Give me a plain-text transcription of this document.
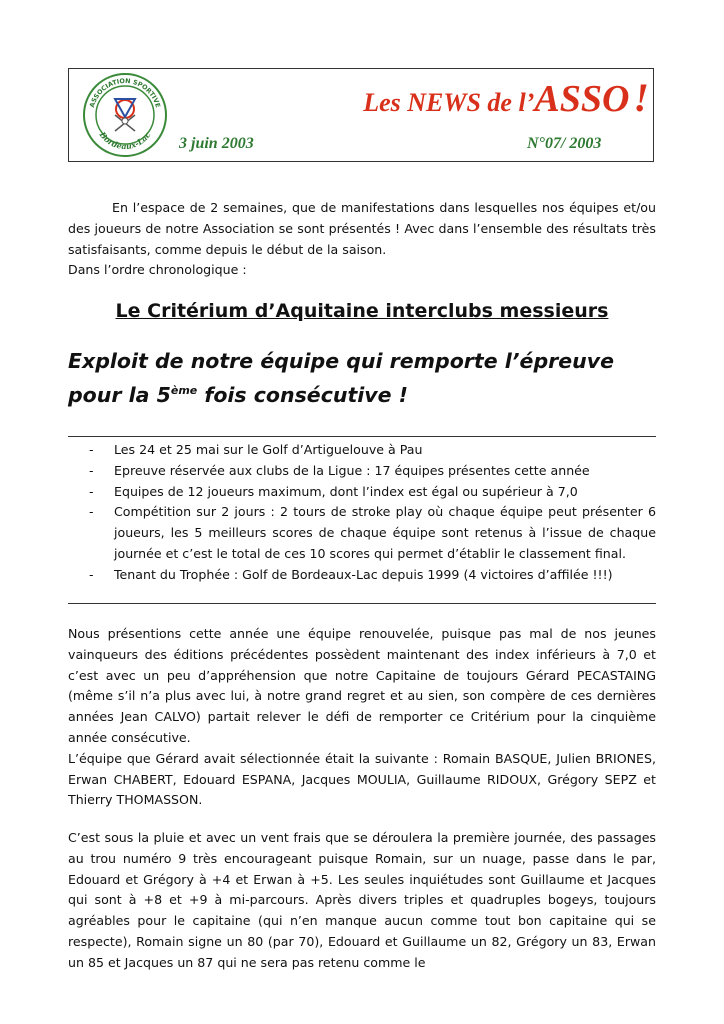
ASSOCIATION SPORTIVE
Bordeaux-Lac
Les NEWS de l’ASSO !
3 juin 2003	N°07/ 2003

En l’espace de 2 semaines, que de manifestations dans lesquelles nos équipes et/ou des joueurs de notre Association se sont présentés ! Avec dans l’ensemble des résultats très satisfaisants, comme depuis le début de la saison.
Dans l’ordre chronologique :

Le Critérium d’Aquitaine interclubs messieurs
Exploit de notre équipe qui remporte l’épreuve pour la 5ème fois consécutive !
- Les 24 et 25 mai sur le Golf d’Artiguelouve à Pau
- Epreuve réservée aux clubs de la Ligue : 17 équipes présentes cette année
- Equipes de 12 joueurs maximum, dont l’index est égal ou supérieur à 7,0
- Compétition sur 2 jours : 2 tours de stroke play où chaque équipe peut présenter 6 joueurs, les 5 meilleurs scores de chaque équipe sont retenus à l’issue de chaque journée et c’est le total de ces 10 scores qui permet d’établir le classement final.
- Tenant du Trophée : Golf de Bordeaux-Lac depuis 1999 (4 victoires d’affilée !!!)

Nous présentions cette année une équipe renouvelée, puisque pas mal de nos jeunes vainqueurs des éditions précédentes possèdent maintenant des index inférieurs à 7,0 et c’est avec un peu d’appréhension que notre Capitaine de toujours Gérard PECASTAING (même s’il n’a plus avec lui, à notre grand regret et au sien, son compère de ces dernières années Jean CALVO) partait relever le défi de remporter ce Critérium pour la cinquième année consécutive.
L’équipe que Gérard avait sélectionnée était la suivante : Romain BASQUE, Julien BRIONES, Erwan CHABERT, Edouard ESPANA, Jacques MOULIA, Guillaume RIDOUX, Grégory SEPZ et Thierry THOMASSON.

C’est sous la pluie et avec un vent frais que se déroulera la première journée, des passages au trou numéro 9 très encourageant puisque Romain, sur un nuage, passe dans le par, Edouard et Grégory à +4 et Erwan à +5. Les seules inquiétudes sont Guillaume et Jacques qui sont à +8 et +9 à mi-parcours. Après divers triples et quadruples bogeys, toujours agréables pour le capitaine (qui n’en manque aucun comme tout bon capitaine qui se respecte), Romain signe un 80 (par 70), Edouard et Guillaume un 82, Grégory un 83, Erwan un 85 et Jacques un 87 qui ne sera pas retenu comme le
